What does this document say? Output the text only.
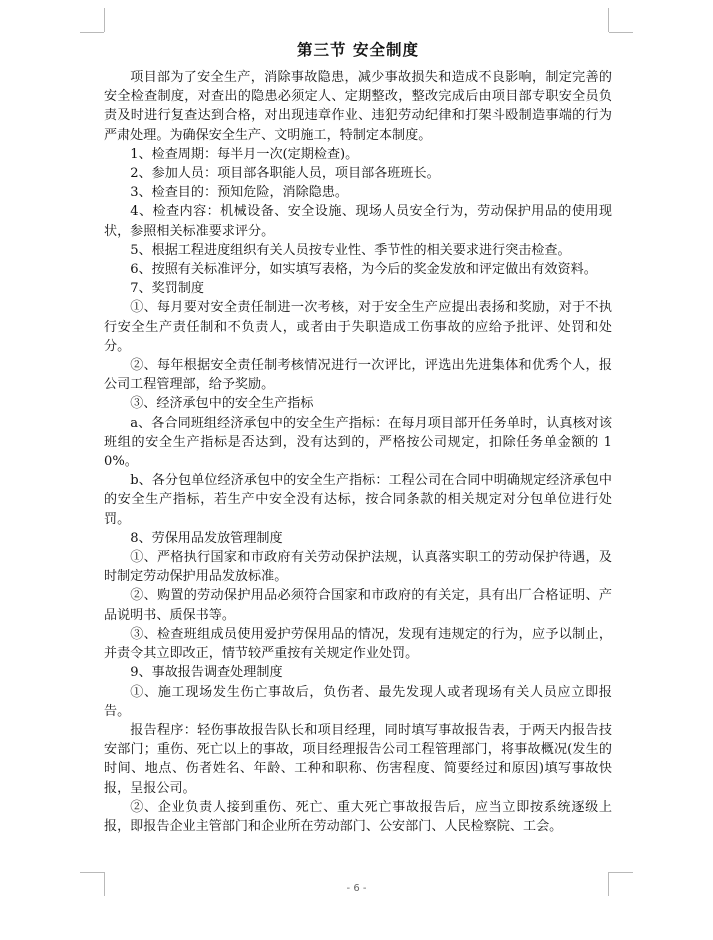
第三节 安全制度

项目部为了安全生产，消除事故隐患，减少事故损失和造成不良影响，制定完善的安全检查制度，对查出的隐患必须定人、定期整改，整改完成后由项目部专职安全员负责及时进行复查达到合格，对出现违章作业、违犯劳动纪律和打架斗殴制造事端的行为严肃处理。为确保安全生产、文明施工，特制定本制度。

1、检查周期：每半月一次(定期检查)。

2、参加人员：项目部各职能人员，项目部各班班长。

3、检查目的：预知危险，消除隐患。

4、检查内容：机械设备、安全设施、现场人员安全行为，劳动保护用品的使用现状，参照相关标准要求评分。

5、根据工程进度组织有关人员按专业性、季节性的相关要求进行突击检查。

6、按照有关标准评分，如实填写表格，为今后的奖金发放和评定做出有效资料。

7、奖罚制度

①、每月要对安全责任制进一次考核，对于安全生产应提出表扬和奖励，对于不执行安全生产责任制和不负责人，或者由于失职造成工伤事故的应给予批评、处罚和处分。

②、每年根据安全责任制考核情况进行一次评比，评选出先进集体和优秀个人，报公司工程管理部，给予奖励。

③、经济承包中的安全生产指标

a、各合同班组经济承包中的安全生产指标：在每月项目部开任务单时，认真核对该班组的安全生产指标是否达到，没有达到的，严格按公司规定，扣除任务单金额的 10%。

b、各分包单位经济承包中的安全生产指标：工程公司在合同中明确规定经济承包中的安全生产指标，若生产中安全没有达标，按合同条款的相关规定对分包单位进行处罚。

8、劳保用品发放管理制度

①、严格执行国家和市政府有关劳动保护法规，认真落实职工的劳动保护待遇，及时制定劳动保护用品发放标准。

②、购置的劳动保护用品必须符合国家和市政府的有关定，具有出厂合格证明、产品说明书、质保书等。

③、检查班组成员使用爱护劳保用品的情况，发现有违规定的行为，应予以制止，并责令其立即改正，情节较严重按有关规定作业处罚。

9、事故报告调查处理制度

①、施工现场发生伤亡事故后，负伤者、最先发现人或者现场有关人员应立即报告。

报告程序：轻伤事故报告队长和项目经理，同时填写事故报告表，于两天内报告技安部门；重伤、死亡以上的事故，项目经理报告公司工程管理部门，将事故概况(发生的时间、地点、伤者姓名、年龄、工种和职称、伤害程度、简要经过和原因)填写事故快报，呈报公司。

②、企业负责人接到重伤、死亡、重大死亡事故报告后，应当立即按系统逐级上报，即报告企业主管部门和企业所在劳动部门、公安部门、人民检察院、工会。

- 6 -
